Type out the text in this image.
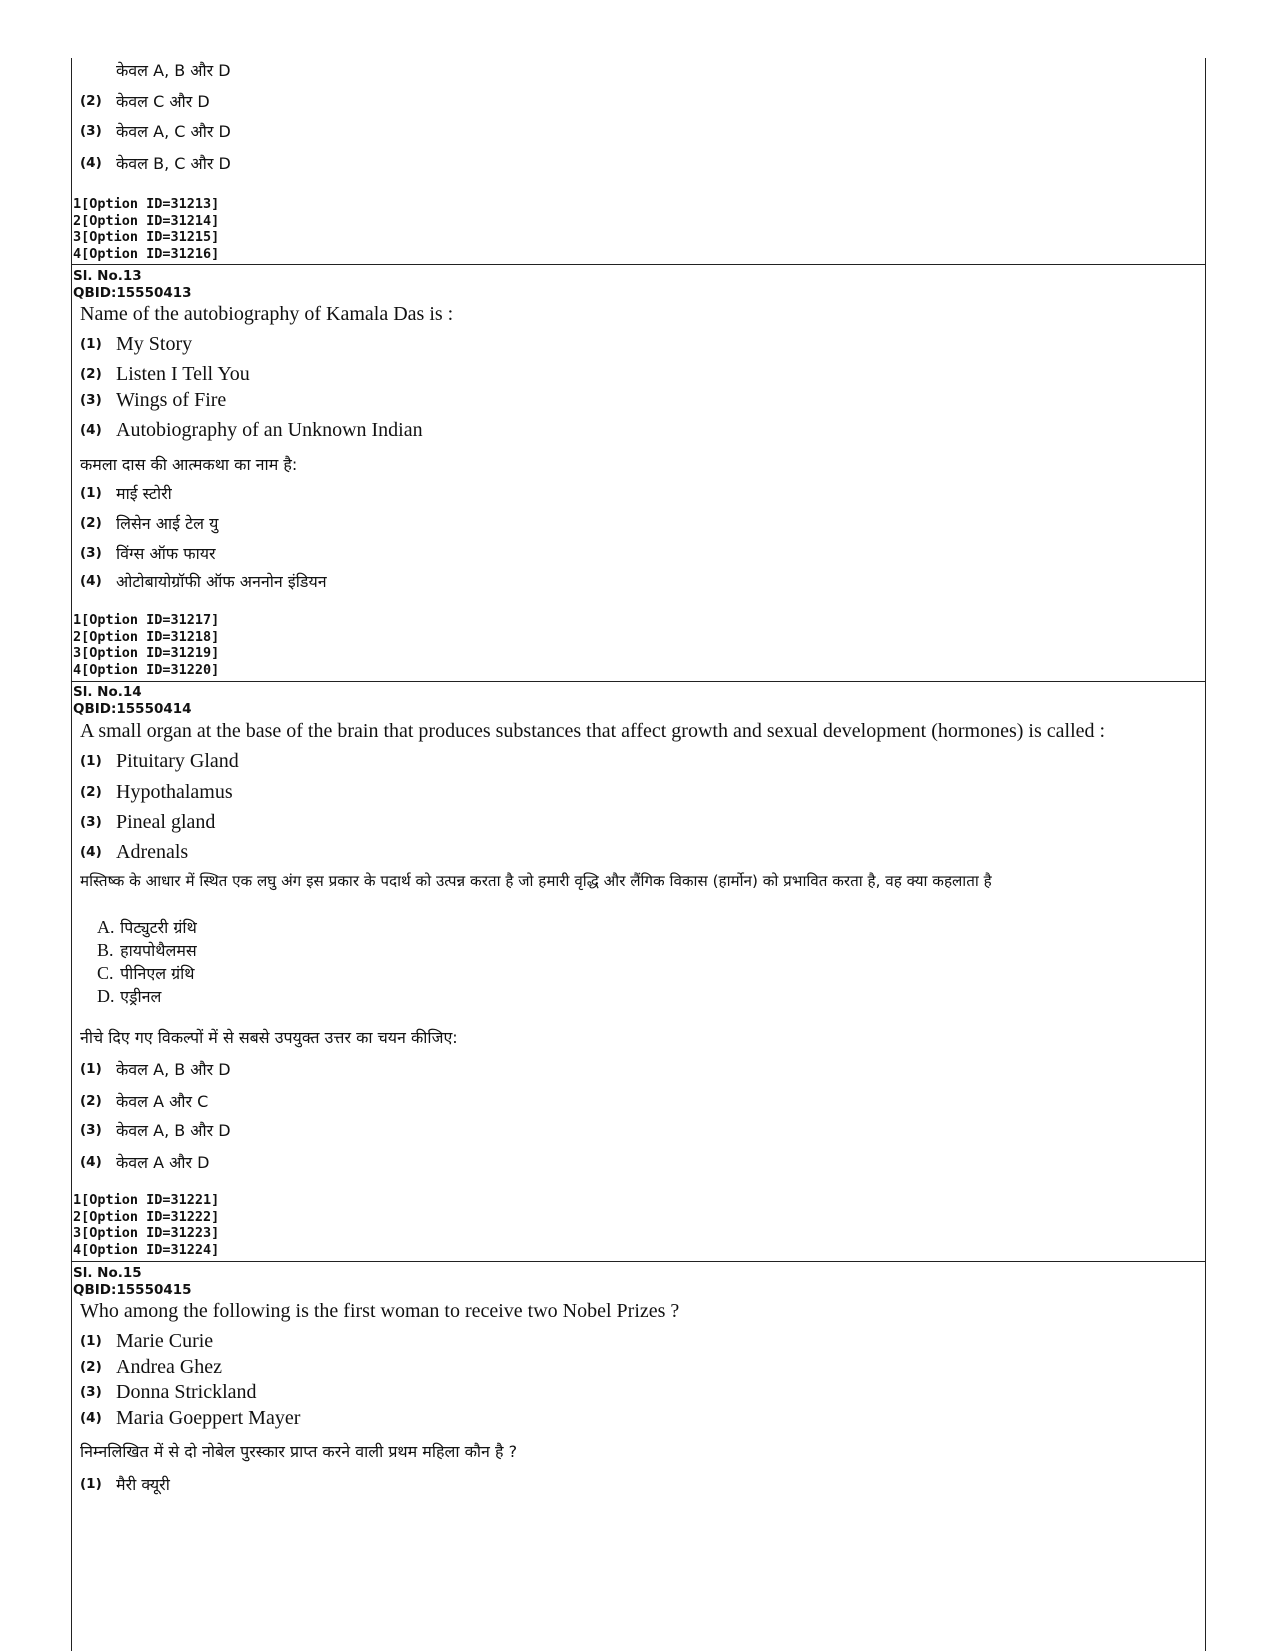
केवल A, B और D
(2) केवल C और D
(3) केवल A, C और D
(4) केवल B, C और D
1[Option ID=31213]
2[Option ID=31214]
3[Option ID=31215]
4[Option ID=31216]
Sl. No.13
QBID:15550413
Name of the autobiography of Kamala Das is :
(1) My Story
(2) Listen I Tell You
(3) Wings of Fire
(4) Autobiography of an Unknown Indian
कमला दास की आत्मकथा का नाम है:
(1) माई स्टोरी
(2) लिसेन आई टेल यु
(3) विंग्स ऑफ फायर
(4) ओटोबायोग्रॉफी ऑफ अननोन इंडियन
1[Option ID=31217]
2[Option ID=31218]
3[Option ID=31219]
4[Option ID=31220]
Sl. No.14
QBID:15550414
A small organ at the base of the brain that produces substances that affect growth and sexual development (hormones) is called :
(1) Pituitary Gland
(2) Hypothalamus
(3) Pineal gland
(4) Adrenals
मस्तिष्क के आधार में स्थित एक लघु अंग इस प्रकार के पदार्थ को उत्पन्न करता है जो हमारी वृद्धि और लैंगिक विकास (हार्मोन) को प्रभावित करता है, वह क्या कहलाता है
A. पिट्युटरी ग्रंथि
B. हायपोथैलमस
C. पीनिएल ग्रंथि
D. एड्रीनल
नीचे दिए गए विकल्पों में से सबसे उपयुक्त उत्तर का चयन कीजिए:
(1) केवल A, B और D
(2) केवल A और C
(3) केवल A, B और D
(4) केवल A और D
1[Option ID=31221]
2[Option ID=31222]
3[Option ID=31223]
4[Option ID=31224]
Sl. No.15
QBID:15550415
Who among the following is the first woman to receive two Nobel Prizes ?
(1) Marie Curie
(2) Andrea Ghez
(3) Donna Strickland
(4) Maria Goeppert Mayer
निम्नलिखित में से दो नोबेल पुरस्कार प्राप्त करने वाली प्रथम महिला कौन है ?
(1) मैरी क्यूरी
